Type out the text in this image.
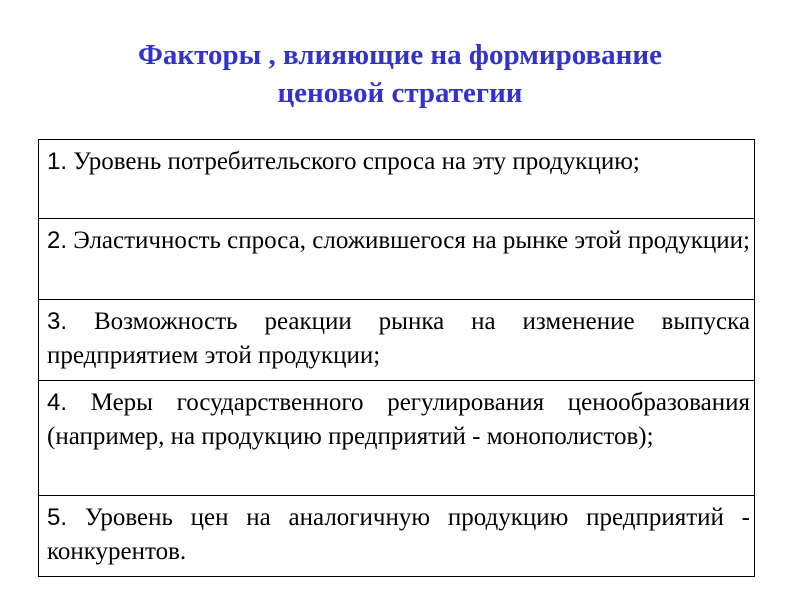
Факторы , влияющие на формирование
ценовой стратегии
1. Уровень потребительского спроса на эту продукцию;
2. Эластичность спроса, сложившегося на рынке этой продукции;
3. Возможность реакции рынка на изменение выпуска предприятием этой продукции;
4. Меры государственного регулирования ценообразования (например, на продукцию предприятий - монополистов);
5. Уровень цен на аналогичную продукцию предприятий - конкурентов.
